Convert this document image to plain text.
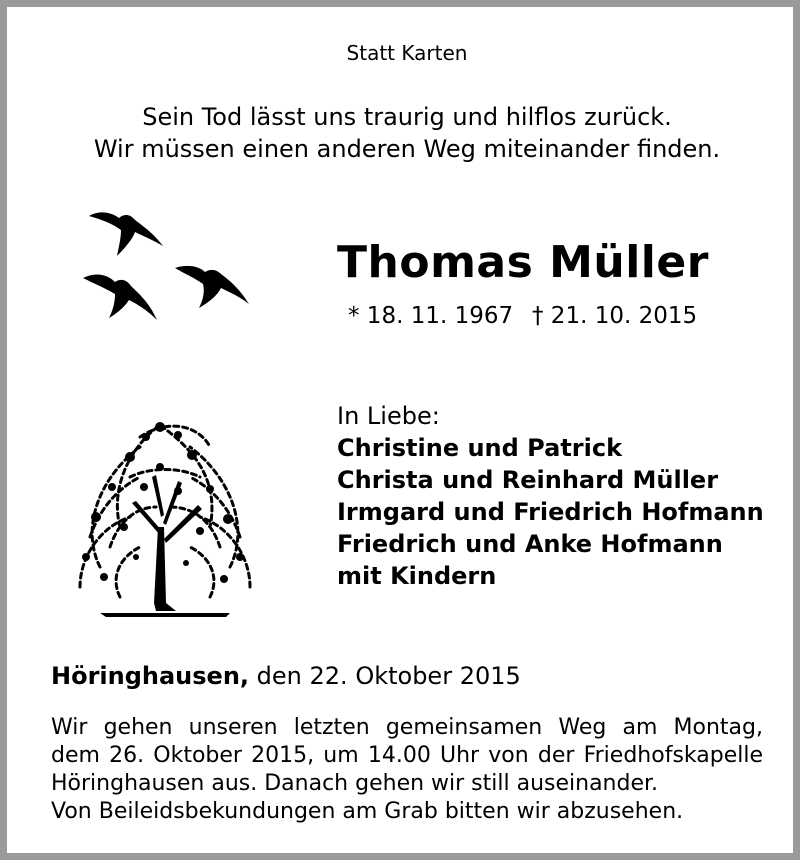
Statt Karten
Sein Tod lässt uns traurig und hilflos zurück.
Wir müssen einen anderen Weg miteinander finden.
Thomas Müller
* 18. 11. 1967 † 21. 10. 2015
In Liebe:
Christine und Patrick
Christa und Reinhard Müller
Irmgard und Friedrich Hofmann
Friedrich und Anke Hofmann
mit Kindern
Höringhausen, den 22. Oktober 2015
Wir gehen unseren letzten gemeinsamen Weg am Montag,
dem 26. Oktober 2015, um 14.00 Uhr von der Friedhofskapelle
Höringhausen aus. Danach gehen wir still auseinander.
Von Beileidsbekundungen am Grab bitten wir abzusehen.
